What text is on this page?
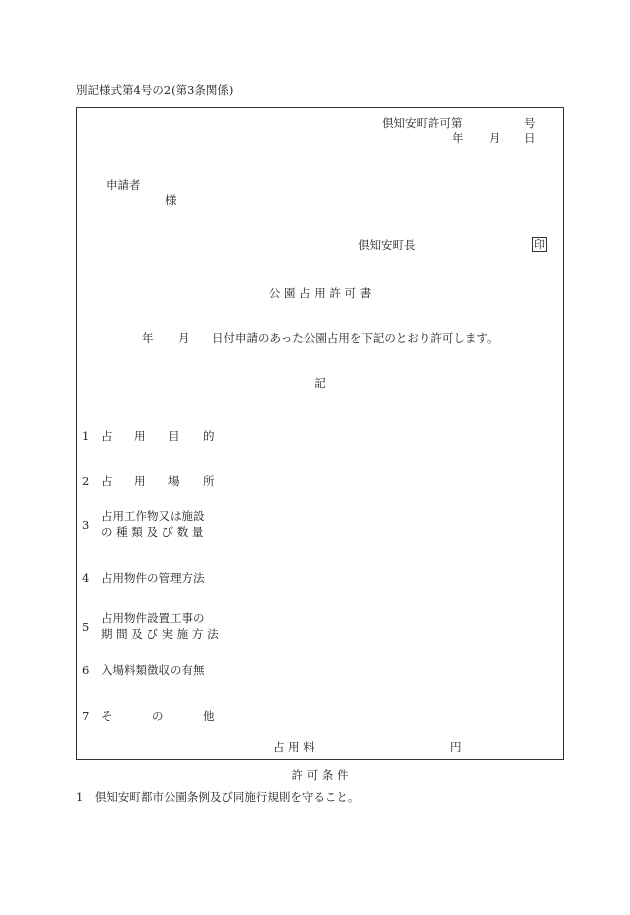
別記様式第4号の2(第3条関係)
倶知安町許可第	号
年 月 日
申請者
様
倶知安町長	印
公 園 占 用 許 可 書
年 月 日付申請のあった公園占用を下記のとおり許可します。
記
1 占 用 目 的
2 占 用 場 所
3
占用工作物又は施設
の 種 類 及 び 数 量
4 占用物件の管理方法
5
占用物件設置工事の
期 間 及 び 実 施 方 法
6 入場料類徴収の有無
7 そ	の	他
占 用 料	円
許 可 条 件
1　倶知安町都市公園条例及び同施行規則を守ること。
